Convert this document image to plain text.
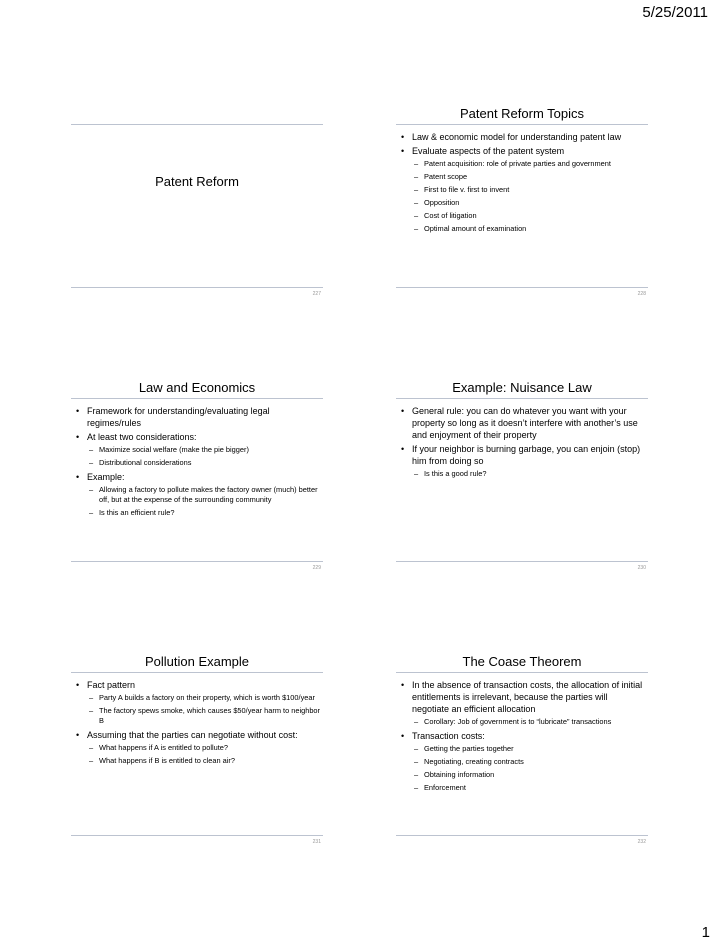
5/25/2011
Patent Reform
227
Patent Reform Topics
• Law & economic model for understanding patent law
• Evaluate aspects of the patent system
– Patent acquisition: role of private parties and government
– Patent scope
– First to file v. first to invent
– Opposition
– Cost of litigation
– Optimal amount of examination
228
Law and Economics
• Framework for understanding/evaluating legal regimes/rules
• At least two considerations:
– Maximize social welfare (make the pie bigger)
– Distributional considerations
• Example:
– Allowing a factory to pollute makes the factory owner (much) better off, but at the expense of the surrounding community
– Is this an efficient rule?
229
Example: Nuisance Law
• General rule: you can do whatever you want with your property so long as it doesn’t interfere with another’s use and enjoyment of their property
• If your neighbor is burning garbage, you can enjoin (stop) him from doing so
– Is this a good rule?
230
Pollution Example
• Fact pattern
– Party A builds a factory on their property, which is worth $100/year
– The factory spews smoke, which causes $50/year harm to neighbor B
• Assuming that the parties can negotiate without cost:
– What happens if A is entitled to pollute?
– What happens if B is entitled to clean air?
231
The Coase Theorem
• In the absence of transaction costs, the allocation of initial entitlements is irrelevant, because the parties will negotiate an efficient allocation
– Corollary: Job of government is to “lubricate” transactions
• Transaction costs:
– Getting the parties together
– Negotiating, creating contracts
– Obtaining information
– Enforcement
232
1
